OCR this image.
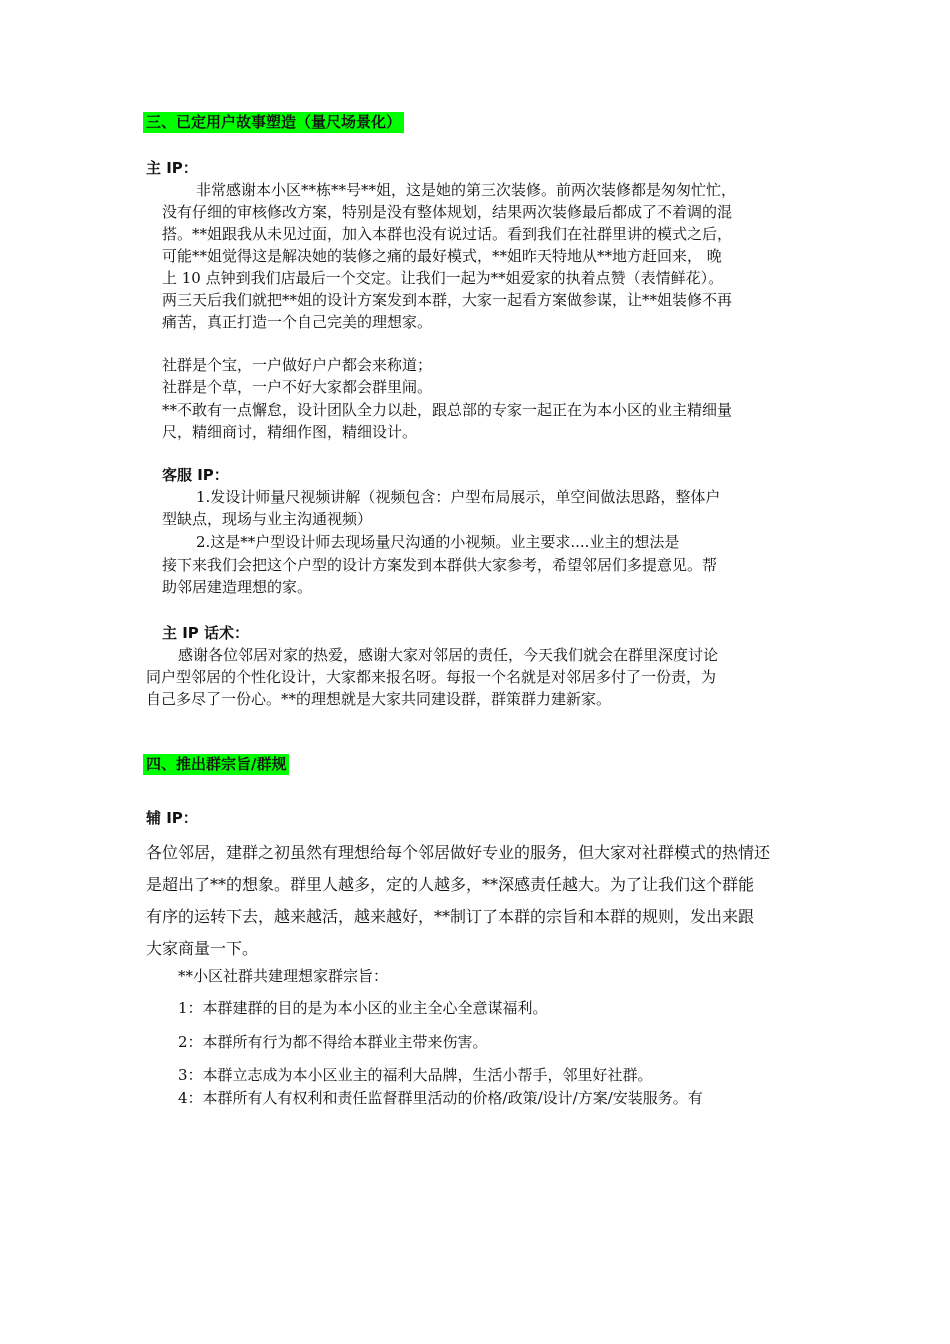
三、已定用户故事塑造（量尺场景化）
主 IP：
非常感谢本小区**栋**号**姐，这是她的第三次装修。前两次装修都是匆匆忙忙，
没有仔细的审核修改方案，特别是没有整体规划，结果两次装修最后都成了不着调的混
搭。**姐跟我从未见过面，加入本群也没有说过话。看到我们在社群里讲的模式之后，
可能**姐觉得这是解决她的装修之痛的最好模式，**姐昨天特地从**地方赶回来， 晚
上 10 点钟到我们店最后一个交定。让我们一起为**姐爱家的执着点赞（表情鲜花）。
两三天后我们就把**姐的设计方案发到本群，大家一起看方案做参谋，让**姐装修不再
痛苦，真正打造一个自己完美的理想家。
社群是个宝，一户做好户户都会来称道；
社群是个草，一户不好大家都会群里闹。
**不敢有一点懈怠，设计团队全力以赴，跟总部的专家一起正在为本小区的业主精细量
尺，精细商讨，精细作图，精细设计。
客服 IP：
1.发设计师量尺视频讲解（视频包含：户型布局展示，单空间做法思路，整体户
型缺点，现场与业主沟通视频）
2.这是**户型设计师去现场量尺沟通的小视频。业主要求....业主的想法是
接下来我们会把这个户型的设计方案发到本群供大家参考，希望邻居们多提意见。帮
助邻居建造理想的家。
主 IP 话术：
感谢各位邻居对家的热爱，感谢大家对邻居的责任，今天我们就会在群里深度讨论
同户型邻居的个性化设计，大家都来报名呀。每报一个名就是对邻居多付了一份责，为
自己多尽了一份心。**的理想就是大家共同建设群，群策群力建新家。
四、推出群宗旨/群规
辅 IP：
各位邻居，建群之初虽然有理想给每个邻居做好专业的服务，但大家对社群模式的热情还
是超出了**的想象。群里人越多，定的人越多，**深感责任越大。为了让我们这个群能
有序的运转下去，越来越活，越来越好，**制订了本群的宗旨和本群的规则，发出来跟
大家商量一下。
**小区社群共建理想家群宗旨：
1：本群建群的目的是为本小区的业主全心全意谋福利。
2：本群所有行为都不得给本群业主带来伤害。
3：本群立志成为本小区业主的福利大品牌，生活小帮手，邻里好社群。
4：本群所有人有权利和责任监督群里活动的价格/政策/设计/方案/安装服务。有
